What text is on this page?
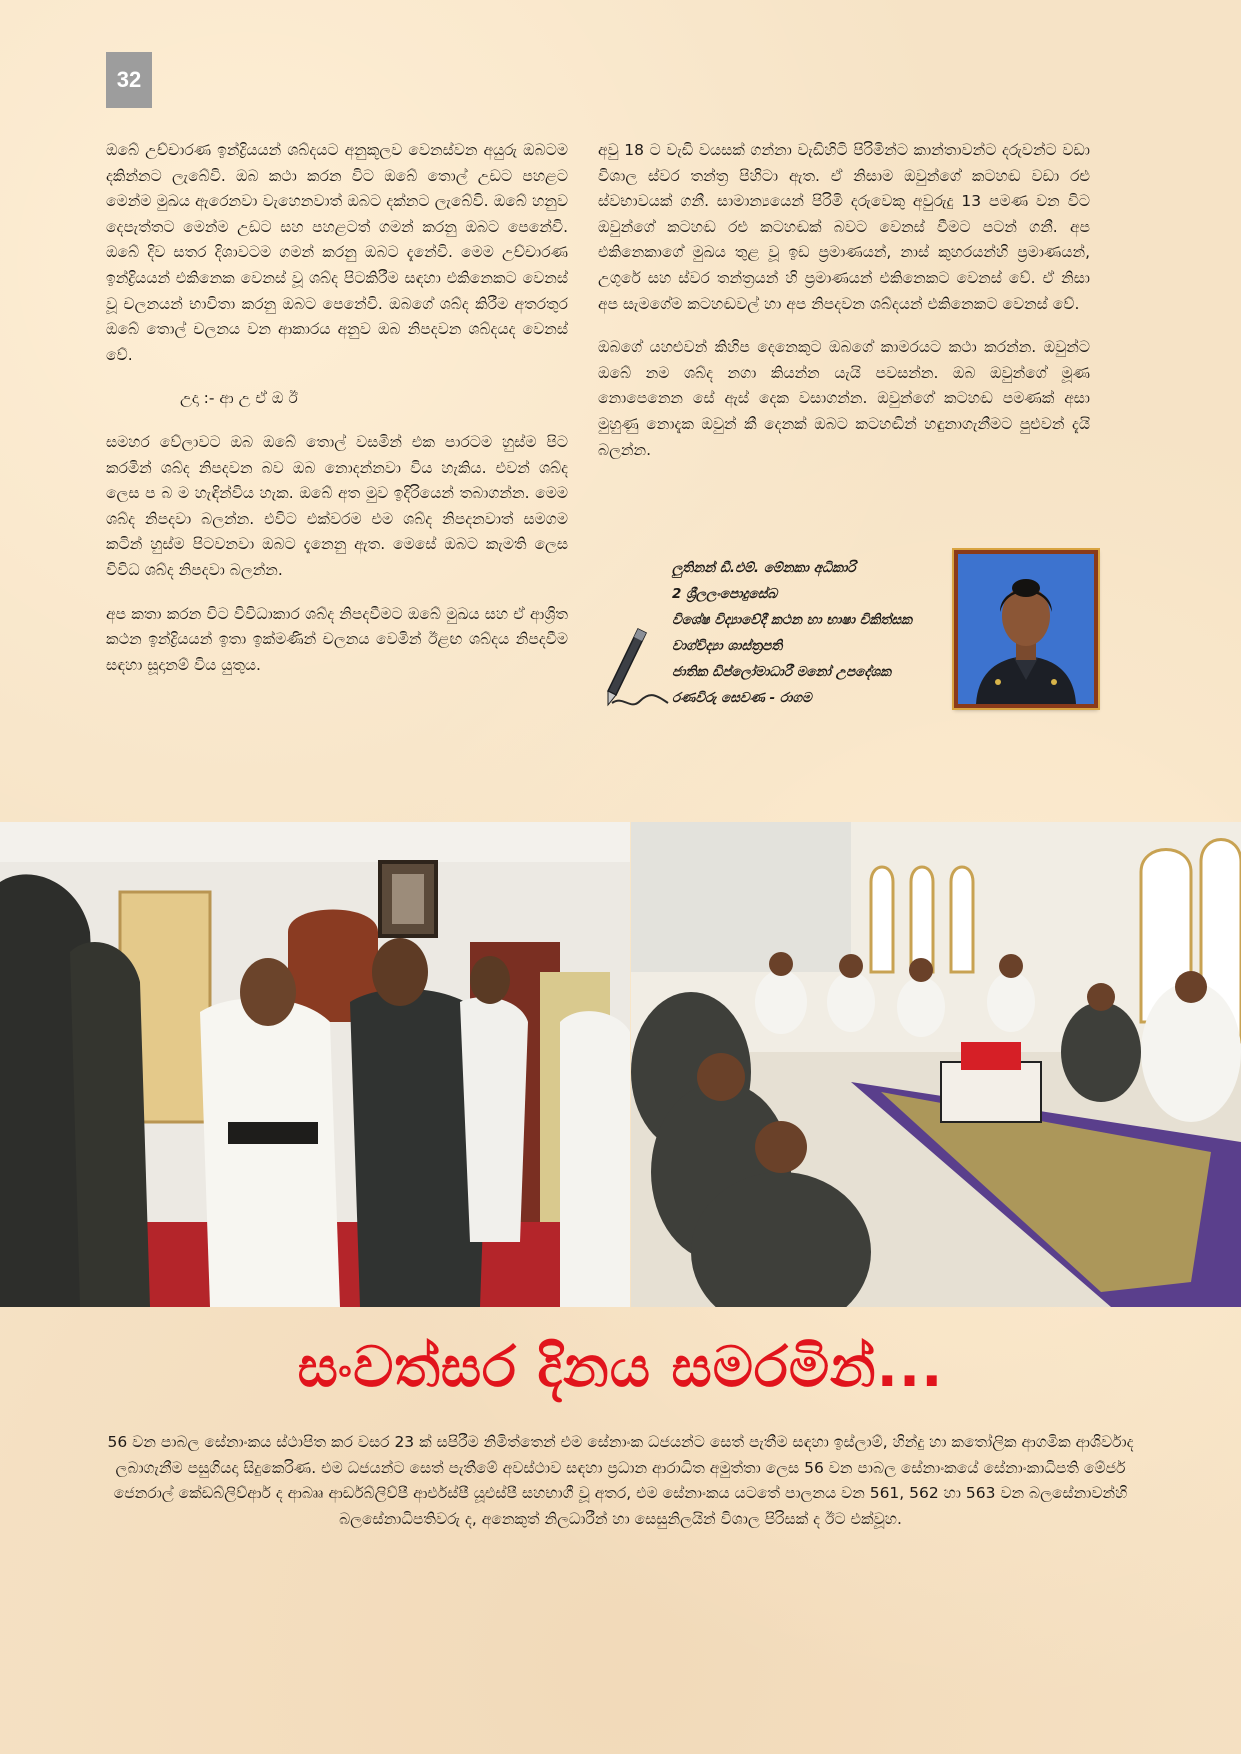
32

ඔබේ උච්චාරණ ඉන්ද්‍රියයන් ශබ්දයට අනුකූලව වෙනස්වන අයුරු ඔබටම දකින්නට ලැබේවි. ඔබ කථා කරන විට ඔබේ තොල් උඩට පහළට මෙන්ම මුඛය ඇරෙනවා වැහෙනවාත් ඔබට දක්නට ලැබේවි. ඔබේ හනුව දෙපැත්තට මෙන්ම උඩට සහ පහළටත් ගමන් කරනු ඔබට පෙනේවි. ඔබේ දිව සතර දිශාවටම ගමන් කරනු ඔබට දැනේවි. මෙම උච්චාරණ ඉන්ද්‍රියයන් එකිනෙක වෙනස් වූ ශබ්ද පිටකිරීම සඳහා එකිනෙකට වෙනස් වූ චලනයන් භාවිතා කරනු ඔබට පෙනේවි. ඔබගේ ශබ්ද කිරීම අතරතුර ඔබේ තොල් චලනය වන ආකාරය අනුව ඔබ නිපදවන ශබ්දයද වෙනස් වේ.

උදා :- ආ උ ඒ ඔ ඊ

සමහර වේලාවට ඔබ ඔබේ තොල් වසමින් එක පාරටම හුස්ම පිට කරමින් ශබ්ද නිපදවන බව ඔබ නොදන්නවා විය හැකිය. එවන් ශබ්ද ලෙස ප බ ම හැඳින්විය හැක. ඔබේ අත මුව ඉදිරියෙන් තබාගන්න. මෙම ශබ්ද නිපදවා බලන්න. එවිට එක්වරම එම ශබ්ද නිපදනවාත් සමගම කටින් හුස්ම පිටවනවා ඔබට දැනෙනු ඇත. මෙසේ ඔබට කැමති ලෙස විවිධ ශබ්ද නිපදවා බලන්න.

අප කතා කරන විට විවිධාකාර ශබ්ද නිපදවීමට ඔබේ මුඛය සහ ඒ ආශ්‍රිත කථන ඉන්ද්‍රියයන් ඉතා ඉක්මණින් චලනය වෙමින් ඊළඟ ශබ්දය නිපදවීම සඳහා සූදානම් විය යුතුය.

අවු 18 ට වැඩි වයසක් ගන්නා වැඩිහිටි පිරිමින්ට කාන්තාවන්ට දරුවන්ට වඩා විශාල ස්වර තන්ත්‍ර පිහිටා ඇත. ඒ නිසාම ඔවුන්ගේ කටහඬ වඩා රළු ස්වභාවයක් ගනී. සාමාන්‍යයෙන් පිරිමි දරුවෙකු අවුරුදු 13 පමණ වන විට ඔවුන්ගේ කටහඬ රළු කටහඬක් බවට වෙනස් වීමට පටන් ගනී. අප එකිනෙකාගේ මුඛය තුළ වූ ඉඩ ප්‍රමාණයන්, නාස් කුහරයන්හි ප්‍රමාණයන්, උගුරේ සහ ස්වර තන්ත්‍රයන් හි ප්‍රමාණයන් එකිනෙකට වෙනස් වේ. ඒ නිසා අප සැමගේම කටහඬවල් හා අප නිපදවන ශබ්දයන් එකිනෙකට වෙනස් වේ.

ඔබගේ යහළුවන් කිහිප දෙනෙකුට ඔබගේ කාමරයට කථා කරන්න. ඔවුන්ට ඔබේ නම ශබ්ද නගා කියන්න යැයි පවසන්න. ඔබ ඔවුන්ගේ මූණ නොපෙනෙන සේ ඇස් දෙක වසාගන්න. ඔවුන්ගේ කටහඬ පමණක් අසා මුහුණු නොදැක ඔවුන් කී දෙනක් ඔබට කටහඬින් හඳුනාගැනීමට පුළුවන් දැයි බලන්න.

ලුතිනන් ඩී.එම්. මේනකා අධිකාරි
2 ශ්‍රීලලංපොදුසේබ
විශේෂ විද්‍යාවේදී කථන හා භාෂා චිකිත්සක
වාග්විද්‍යා ශාස්ත්‍රපති
ජාතික ඩිප්ලෝමාධාරී මනෝ උපදේශක
රණවිරු සෙවණ - රාගම
සංවත්සර දිනය සමරමින්...
56 වන පාබල සේනාංකය ස්ථාපිත කර වසර 23 ක් සපිරීම නිමිත්තෙන් එම සේනාංක ධජයන්ට සෙත් පැතීම සඳහා ඉස්ලාම්, හින්දු හා කතෝලික ආගමික ආශිර්වාද ලබාගැනීම පසුගියදා සිදුකෙරිණ. එම ධජයන්ට සෙත් පැතීමේ අවස්ථාව සඳහා ප්‍රධාන ආරාධිත අමුත්තා ලෙස 56 වන පාබල සේනාංකයේ සේනාංකාධිපති මේජර් ජෙනරාල් කේඩබ්ලිව්ආර් ද ආබෲ ආර්ඩබ්ලිව්පී ආර්එස්පී යූඑස්පී සහභාගී වූ අතර, එම සේනාංකය යටතේ පාලනය වන 561, 562 හා 563 වන බලසේනාවන්හි බලසේනාධිපතිවරු ද, අනෙකුත් නිලධාරීන් හා සෙසුනිලයින් විශාල පිරිසක් ද ඊට එක්වූහ.
